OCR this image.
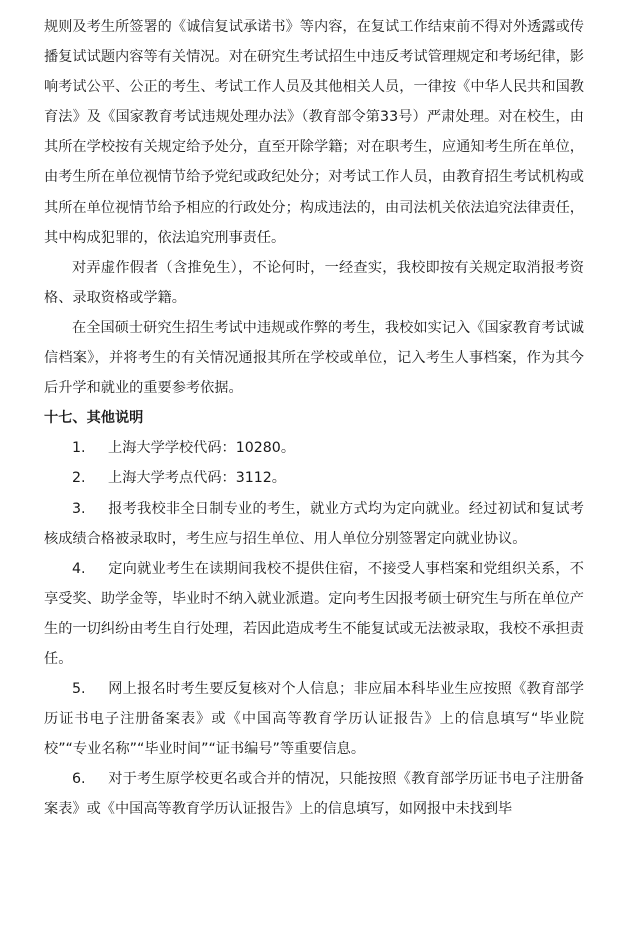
规则及考生所签署的《诚信复试承诺书》等内容，在复试工作结束前不得对外透露或传播复试试题内容等有关情况。对在研究生考试招生中违反考试管理规定和考场纪律，影响考试公平、公正的考生、考试工作人员及其他相关人员，一律按《中华人民共和国教育法》及《国家教育考试违规处理办法》（教育部令第33号）严肃处理。对在校生，由其所在学校按有关规定给予处分，直至开除学籍；对在职考生，应通知考生所在单位，由考生所在单位视情节给予党纪或政纪处分；对考试工作人员，由教育招生考试机构或其所在单位视情节给予相应的行政处分；构成违法的，由司法机关依法追究法律责任，其中构成犯罪的，依法追究刑事责任。

对弄虚作假者（含推免生），不论何时，一经查实，我校即按有关规定取消报考资格、录取资格或学籍。

在全国硕士研究生招生考试中违规或作弊的考生，我校如实记入《国家教育考试诚信档案》，并将考生的有关情况通报其所在学校或单位，记入考生人事档案，作为其今后升学和就业的重要参考依据。

十七、其他说明

1. 上海大学学校代码：10280。

2. 上海大学考点代码：3112。

3. 报考我校非全日制专业的考生，就业方式均为定向就业。经过初试和复试考核成绩合格被录取时，考生应与招生单位、用人单位分别签署定向就业协议。

4. 定向就业考生在读期间我校不提供住宿，不接受人事档案和党组织关系，不享受奖、助学金等，毕业时不纳入就业派遣。定向考生因报考硕士研究生与所在单位产生的一切纠纷由考生自行处理，若因此造成考生不能复试或无法被录取，我校不承担责任。

5. 网上报名时考生要反复核对个人信息；非应届本科毕业生应按照《教育部学历证书电子注册备案表》或《中国高等教育学历认证报告》上的信息填写“毕业院校”“专业名称”“毕业时间”“证书编号”等重要信息。

6. 对于考生原学校更名或合并的情况，只能按照《教育部学历证书电子注册备案表》或《中国高等教育学历认证报告》上的信息填写，如网报中未找到毕
